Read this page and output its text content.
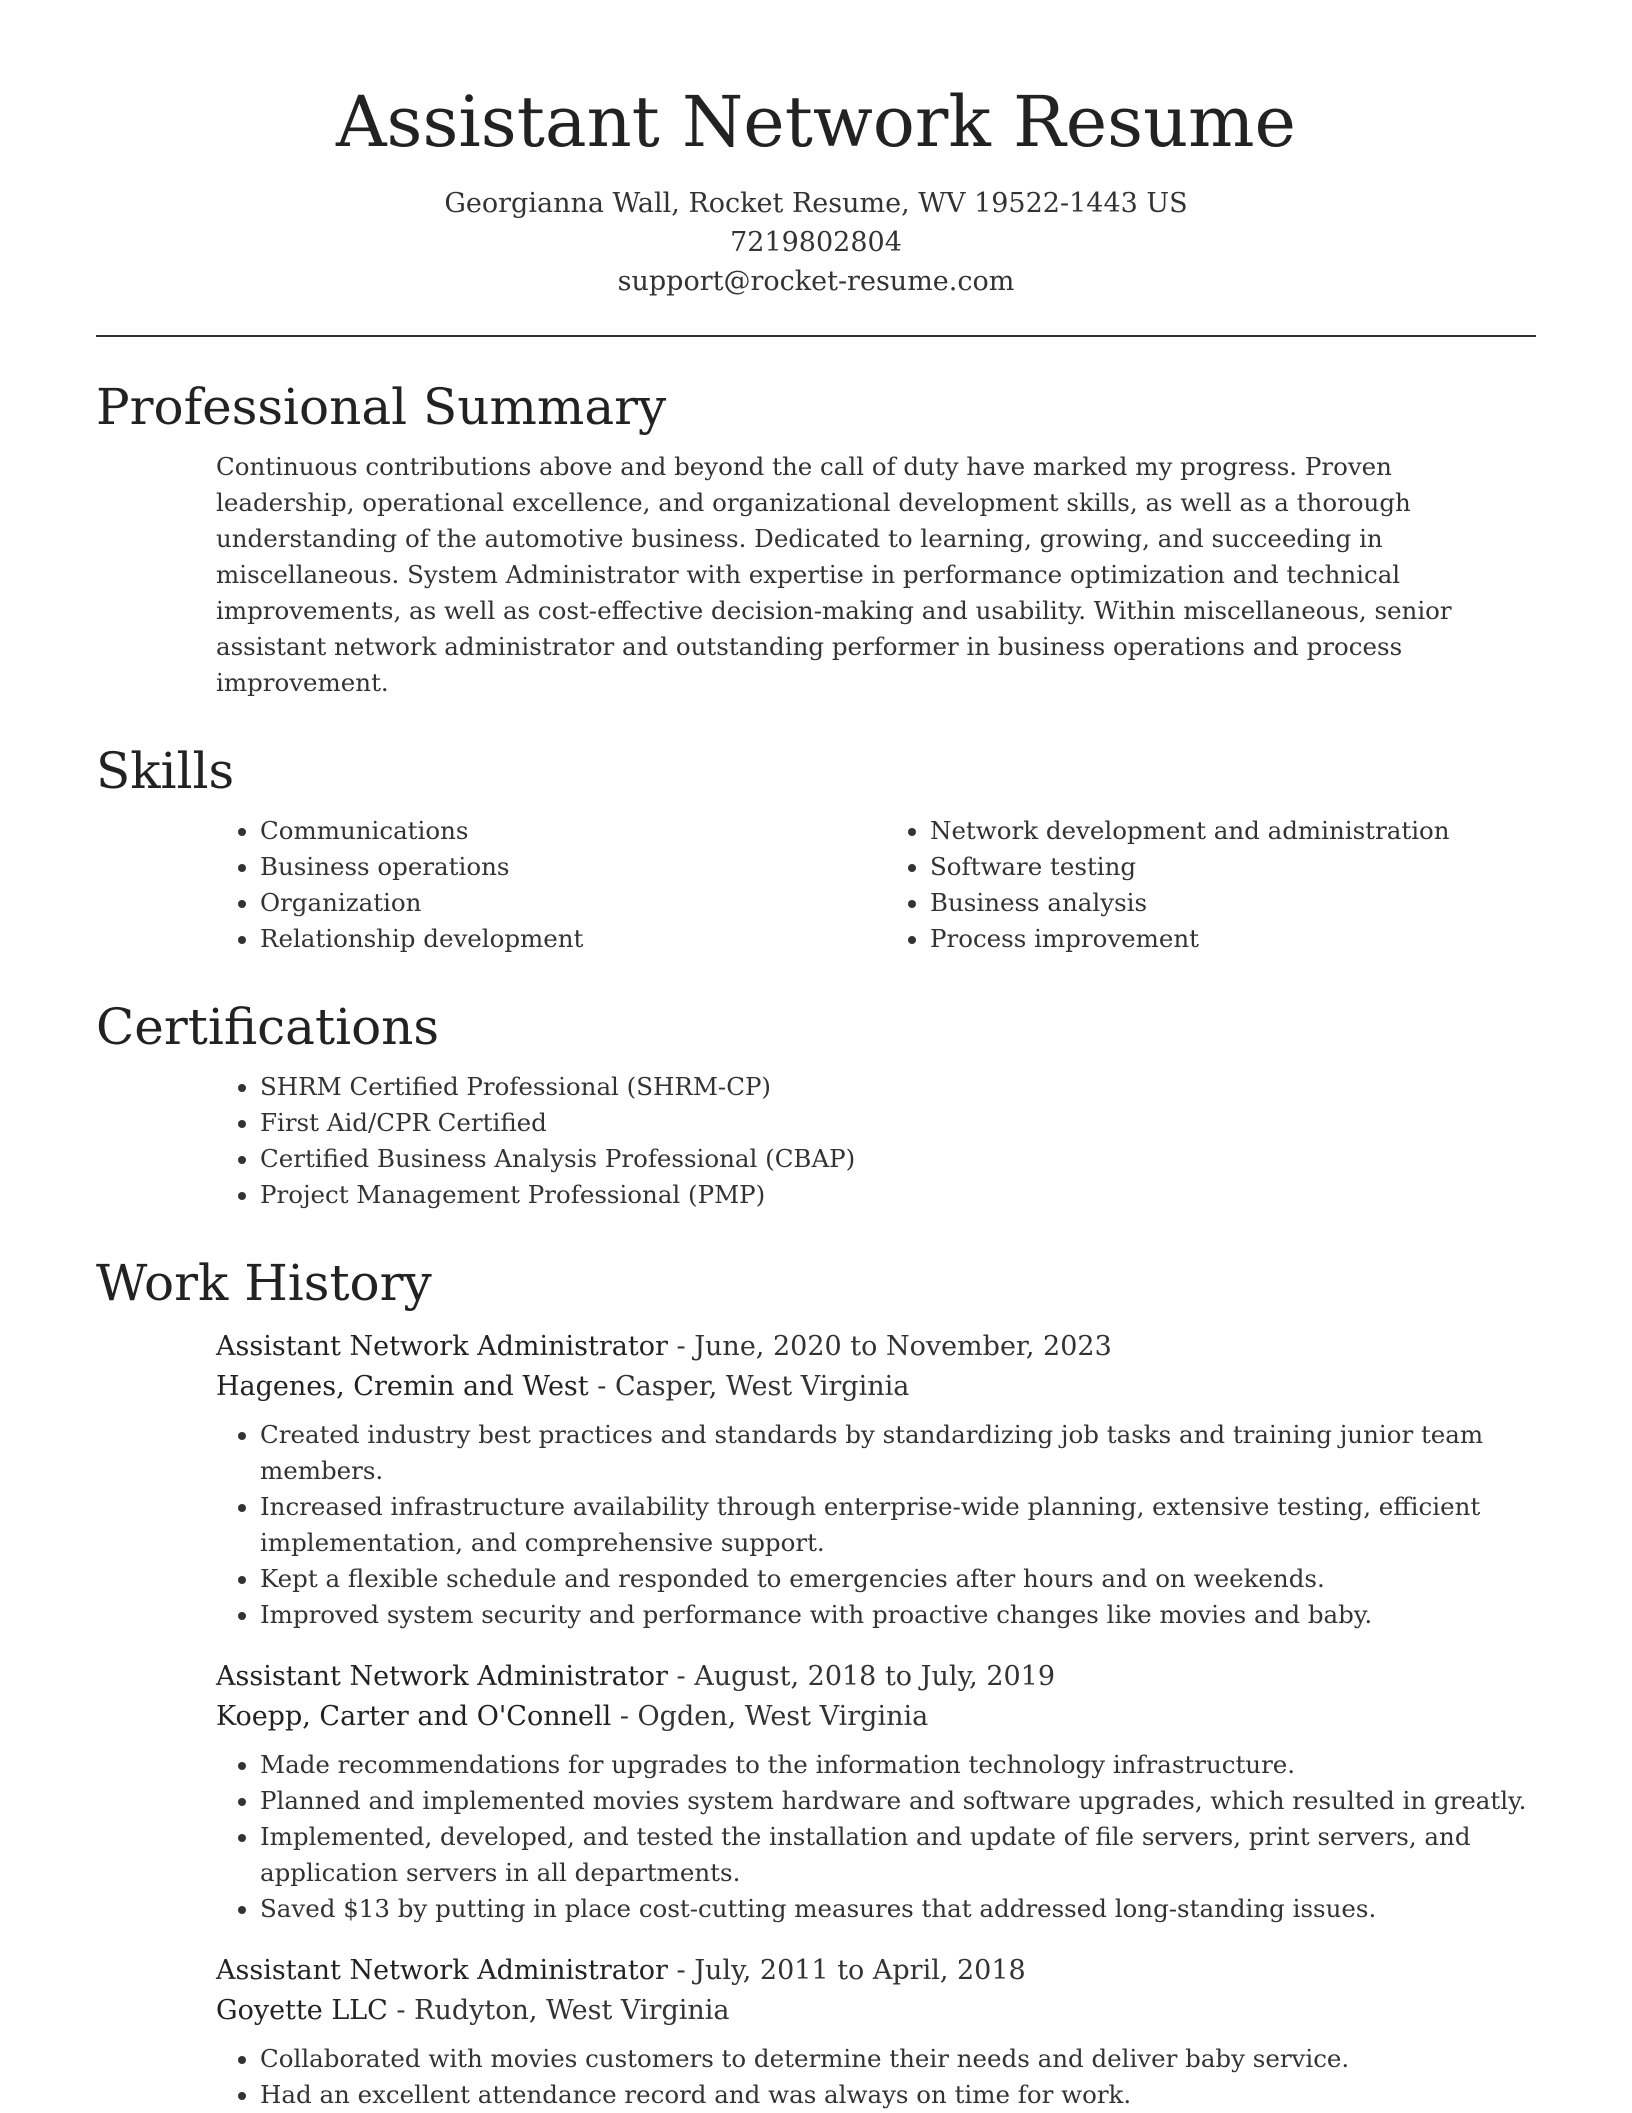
Assistant Network Resume
Georgianna Wall, Rocket Resume, WV 19522-1443 US
7219802804
support@rocket-resume.com
Professional Summary

Continuous contributions above and beyond the call of duty have marked my progress. Proven leadership, operational excellence, and organizational development skills, as well as a thorough understanding of the automotive business. Dedicated to learning, growing, and succeeding in miscellaneous. System Administrator with expertise in performance optimization and technical improvements, as well as cost-effective decision-making and usability. Within miscellaneous, senior assistant network administrator and outstanding performer in business operations and process improvement.

Skills
• Communications
• Business operations
• Organization
• Relationship development
• Network development and administration
• Software testing
• Business analysis
• Process improvement
Certifications
• SHRM Certified Professional (SHRM-CP)
• First Aid/CPR Certified
• Certified Business Analysis Professional (CBAP)
• Project Management Professional (PMP)
Work History
Assistant Network Administrator - June, 2020 to November, 2023
Hagenes, Cremin and West - Casper, West Virginia
• Created industry best practices and standards by standardizing job tasks and training junior team members.
• Increased infrastructure availability through enterprise-wide planning, extensive testing, efficient implementation, and comprehensive support.
• Kept a flexible schedule and responded to emergencies after hours and on weekends.
• Improved system security and performance with proactive changes like movies and baby.
Assistant Network Administrator - August, 2018 to July, 2019
Koepp, Carter and O'Connell - Ogden, West Virginia
• Made recommendations for upgrades to the information technology infrastructure.
• Planned and implemented movies system hardware and software upgrades, which resulted in greatly.
• Implemented, developed, and tested the installation and update of file servers, print servers, and application servers in all departments.
• Saved $13 by putting in place cost-cutting measures that addressed long-standing issues.
Assistant Network Administrator - July, 2011 to April, 2018
Goyette LLC - Rudyton, West Virginia
• Collaborated with movies customers to determine their needs and deliver baby service.
• Had an excellent attendance record and was always on time for work.
